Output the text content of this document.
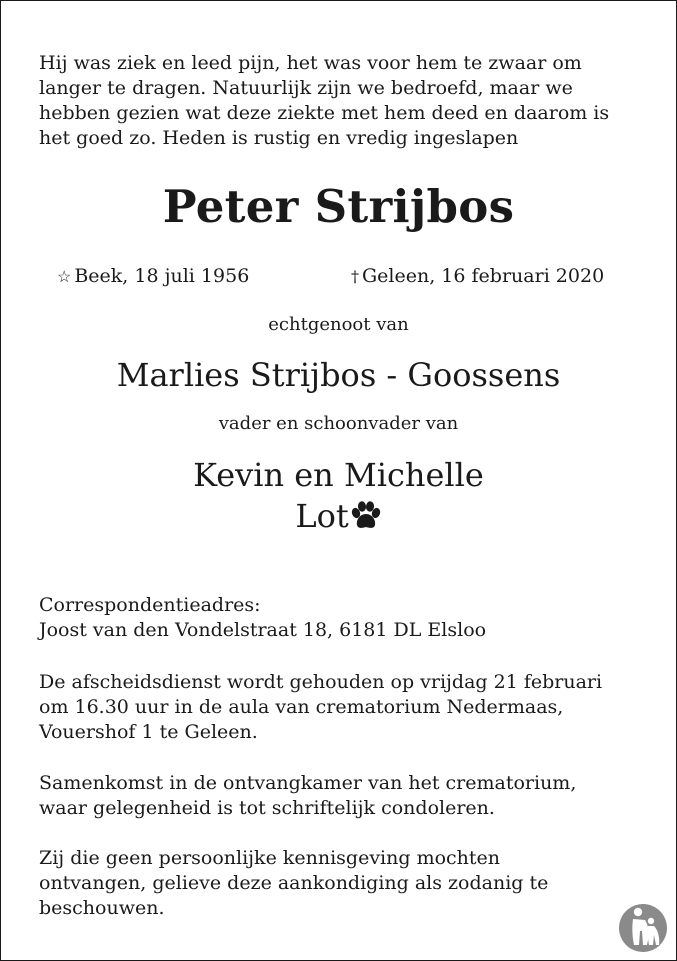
Hij was ziek en leed pijn, het was voor hem te zwaar om
langer te dragen. Natuurlijk zijn we bedroefd, maar we
hebben gezien wat deze ziekte met hem deed en daarom is
het goed zo. Heden is rustig en vredig ingeslapen

Peter Strijbos
☆ Beek, 18 juli 1956	† Geleen, 16 februari 2020

echtgenoot van

Marlies Strijbos - Goossens

vader en schoonvader van

Kevin en Michelle

Lot

Correspondentieadres:
Joost van den Vondelstraat 18, 6181 DL Elsloo

De afscheidsdienst wordt gehouden op vrijdag 21 februari
om 16.30 uur in de aula van crematorium Nedermaas,
Vouershof 1 te Geleen.

Samenkomst in de ontvangkamer van het crematorium,
waar gelegenheid is tot schriftelijk condoleren.

Zij die geen persoonlijke kennisgeving mochten
ontvangen, gelieve deze aankondiging als zodanig te
beschouwen.
